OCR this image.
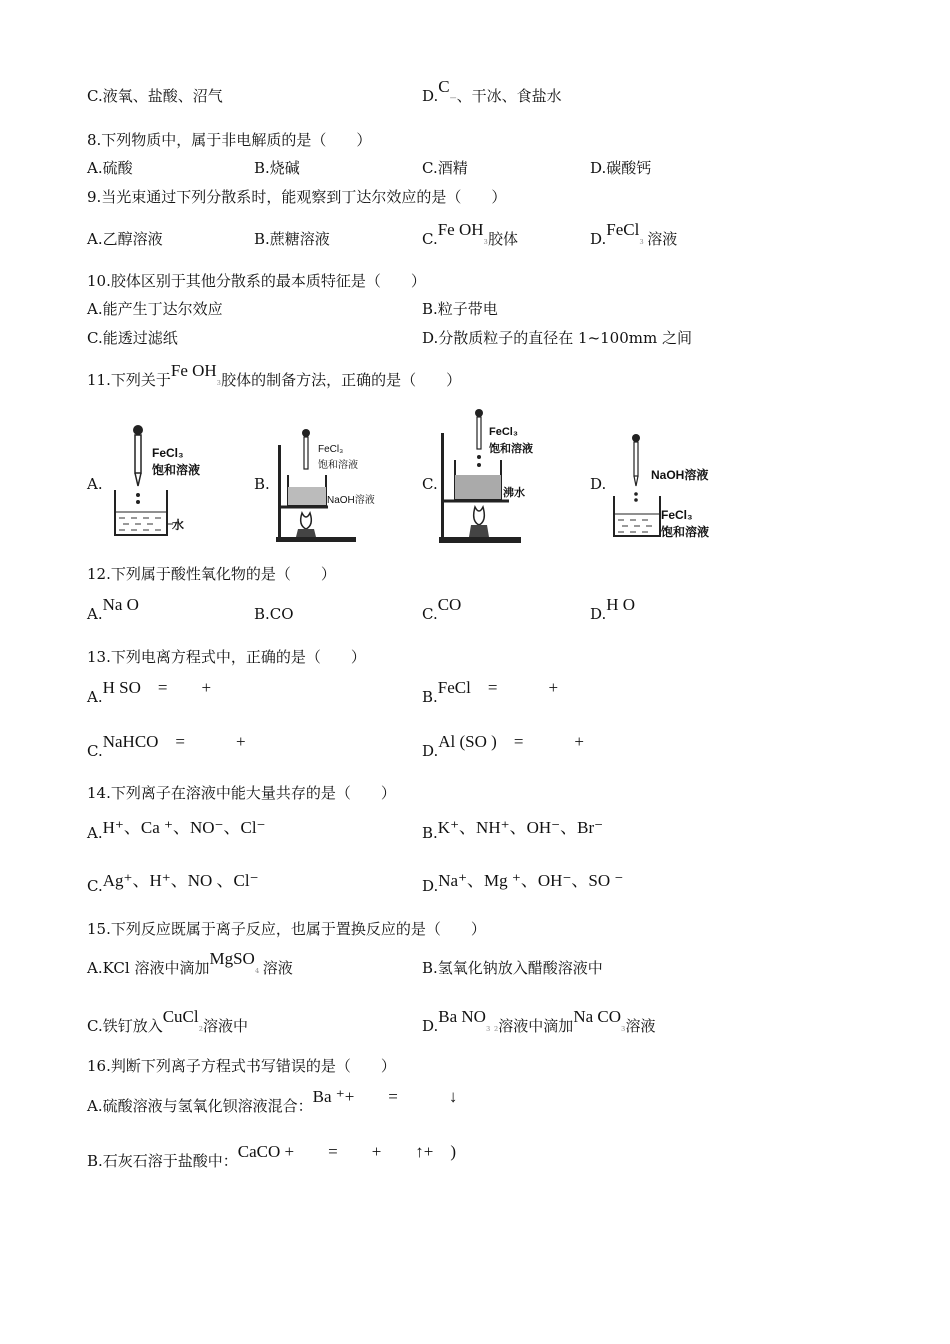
C.液氧、盐酸、沼气	D.C‒、干冰、食盐水
8.下列物质中，属于非电解质的是（　　）
A.硫酸	B.烧碱	C.酒精	D.碳酸钙
9.当光束通过下列分散系时，能观察到丁达尔效应的是（　　）
A.乙醇溶液	B.蔗糖溶液	C.Fe OH₃胶体	D.FeCl₃ 溶液
10.胶体区别于其他分散系的最本质特征是（　　）
A.能产生丁达尔效应	B.粒子带电
C.能透过滤纸	D.分散质粒子的直径在 1~100mm 之间
11.下列关于Fe OH₃胶体的制备方法，正确的是（　　）
A.	B.	C.	D.
FeCl₃
饱和溶液
水
FeCl₃
饱和溶液
NaOH溶液
FeCl₃
饱和溶液
沸水
NaOH溶液
FeCl₃
饱和溶液
12.下列属于酸性氧化物的是（　　）
A.Na O	B.CO	C.CO	D.H O
13.下列电离方程式中，正确的是（　　）
A.H SO　=　　+	B.FeCl　=　　　+
C.NaHCO　=　　　+	D.Al (SO )　=　　　+
14.下列离子在溶液中能大量共存的是（　　）
A.H⁺、Ca ⁺、NO⁻、Cl⁻	B.K⁺、NH⁺、OH⁻、Br⁻
C.Ag⁺、H⁺、NO 、Cl⁻	D.Na⁺、Mg ⁺、OH⁻、SO ⁻
15.下列反应既属于离子反应，也属于置换反应的是（　　）
A.KCl 溶液中滴加MgSO₄ 溶液	B.氢氧化钠放入醋酸溶液中
C.铁钉放入CuCl₂溶液中	D.Ba NO₃ ₂溶液中滴加Na CO₃溶液
16.判断下列离子方程式书写错误的是（　　）
A.硫酸溶液与氢氧化钡溶液混合：Ba ⁺+　　=　　　↓
B.石灰石溶于盐酸中：CaCO +　　=　　+　　↑+　)
